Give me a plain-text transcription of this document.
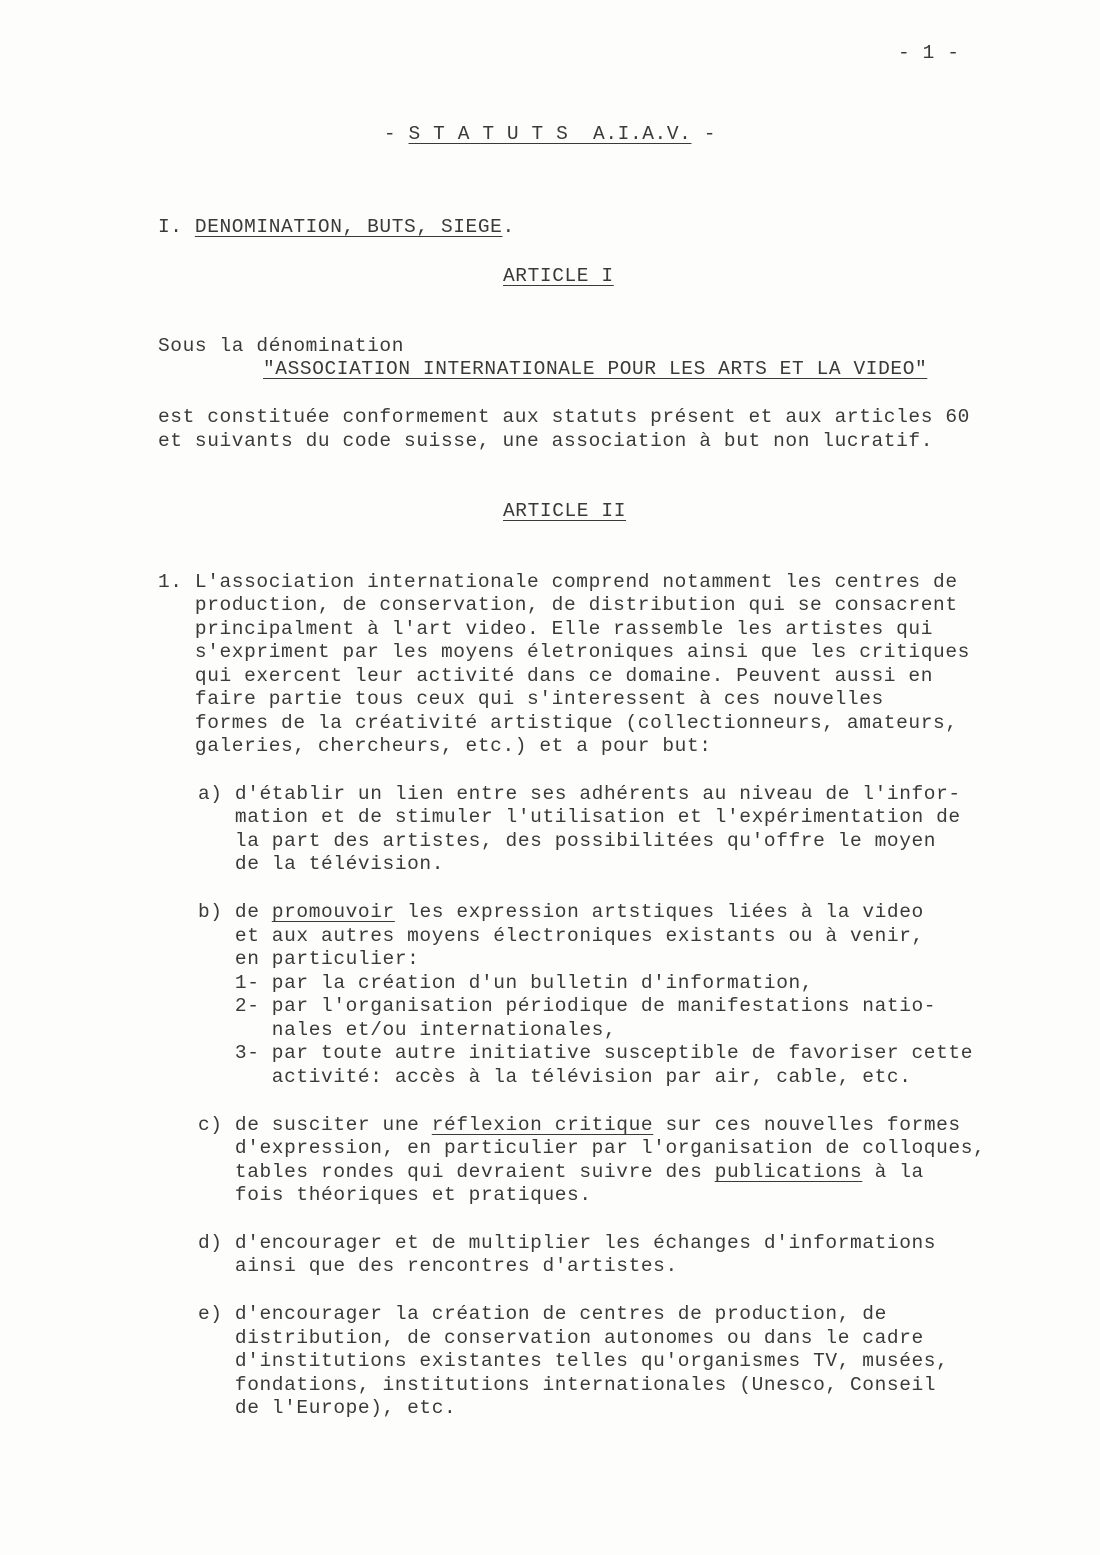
- 1 -
- S T A T U T S  A.I.A.V. -
I. DENOMINATION, BUTS, SIEGE.
ARTICLE I
Sous la dénomination
"ASSOCIATION INTERNATIONALE POUR LES ARTS ET LA VIDEO"
est constituée conformement aux statuts présent et aux articles 60
et suivants du code suisse, une association à but non lucratif.
ARTICLE II
1. L'association internationale comprend notamment les centres de
production, de conservation, de distribution qui se consacrent
principalment à l'art video. Elle rassemble les artistes qui
s'expriment par les moyens életroniques ainsi que les critiques
qui exercent leur activité dans ce domaine. Peuvent aussi en
faire partie tous ceux qui s'interessent à ces nouvelles
formes de la créativité artistique (collectionneurs, amateurs,
galeries, chercheurs, etc.) et a pour but:
a) d'établir un lien entre ses adhérents au niveau de l'infor-
mation et de stimuler l'utilisation et l'expérimentation de
la part des artistes, des possibilitées qu'offre le moyen
de la télévision.
b) de promouvoir les expression artstiques liées à la video
et aux autres moyens électroniques existants ou à venir,
en particulier:
1- par la création d'un bulletin d'information,
2- par l'organisation périodique de manifestations natio-
nales et/ou internationales,
3- par toute autre initiative susceptible de favoriser cette
activité: accès à la télévision par air, cable, etc.
c) de susciter une réflexion critique sur ces nouvelles formes
d'expression, en particulier par l'organisation de colloques,
tables rondes qui devraient suivre des publications à la
fois théoriques et pratiques.
d) d'encourager et de multiplier les échanges d'informations
ainsi que des rencontres d'artistes.
e) d'encourager la création de centres de production, de
distribution, de conservation autonomes ou dans le cadre
d'institutions existantes telles qu'organismes TV, musées,
fondations, institutions internationales (Unesco, Conseil
de l'Europe), etc.
